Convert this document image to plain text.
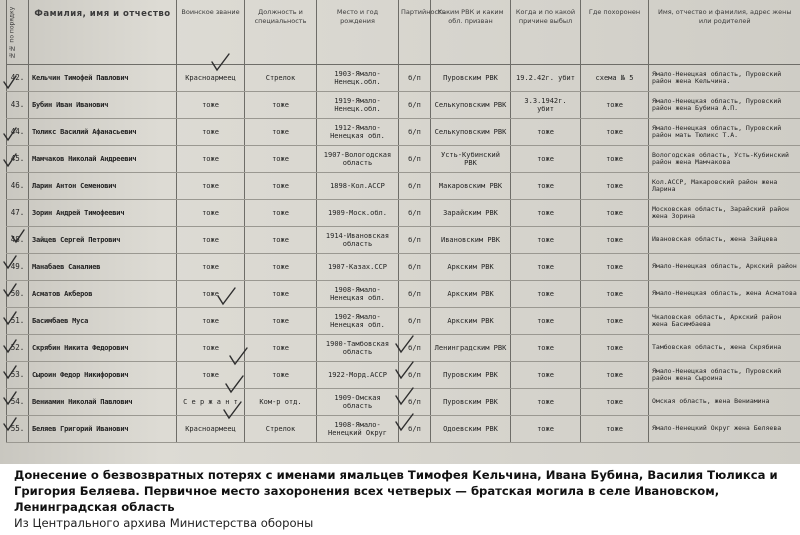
№№ по порядку	Фамилия, имя и отчество	Воинское звание	Должность и специальность	Место и год рождения	Партийность	Каким РВК и каким обл. призван	Когда и по какой причине выбыл	Где похоронен	Имя, отчество и фамилия, адрес жены или родителей
42.	Кельчин Тимофей Павлович	Красноармеец	Стрелок	1903-Ямало-Ненецк.обл.	б/п	Пуровским РВК	19.2.42г. убит	схема № 5	Ямало-Ненецкая область, Пуровский район жена Кельчина.
43.	Бубин Иван Иванович	тоже	тоже	1919-Ямало-Ненецк.обл.	б/п	Селькуповским РВК	3.3.1942г. убит	тоже	Ямало-Ненецкая область, Пуровский район жена Бубина А.П.
44.	Тюликс Василий Афанасьевич	тоже	тоже	1912-Ямало-Ненецкая обл.	б/п	Селькуповским РВК	тоже	тоже	Ямало-Ненецкая область, Пуровский район мать Тюликс Т.А.
45.	Мамчаков Николай Андреевич	тоже	тоже	1907-Вологодская область	б/п	Усть-Кубинский РВК	тоже	тоже	Вологодская область, Усть-Кубинский район жена Мамчакова
46.	Ларин Антон Семенович	тоже	тоже	1898-Кол.АССР	б/п	Макаровским РВК	тоже	тоже	Кол.АССР, Макаровский район жена Ларина
47.	Зорин Андрей Тимофеевич	тоже	тоже	1909-Моск.обл.	б/п	Зарайским РВК	тоже	тоже	Московская область, Зарайский район жена Зорина
48.	Зайцев Сергей Петрович	тоже	тоже	1914-Ивановская область	б/п	Ивановским РВК	тоже	тоже	Ивановская область, жена Зайцева
49.	Манабаев Саналиев	тоже	тоже	1907-Казах.ССР	б/п	Аркским РВК	тоже	тоже	Ямало-Ненецкая область, Аркский район
50.	Асматов Акберов	тоже	тоже	1908-Ямало-Ненецкая обл.	б/п	Аркским РВК	тоже	тоже	Ямало-Ненецкая область, жена Асматова
51.	Басимбаев Муса	тоже	тоже	1902-Ямало-Ненецкая обл.	б/п	Аркским РВК	тоже	тоже	Чкаловская область, Аркский район жена Басимбаева
52.	Скрябин Никита Федорович	тоже	тоже	1900-Тамбовская область	б/п	Ленинградским РВК	тоже	тоже	Тамбовская область, жена Скрябина
53.	Сыроин Федор Никифорович	тоже	тоже	1922-Морд.АССР	б/п	Пуровским РВК	тоже	тоже	Ямало-Ненецкая область, Пуровский район жена Сыроина
54.	Вениамин Николай Павлович	С е р ж а н т	Ком-р отд.	1909-Омская область	б/п	Пуровским РВК	тоже	тоже	Омская область, жена Вениамина
55.	Беляев Григорий Иванович	Красноармеец	Стрелок	1908-Ямало-Ненецкий Округ	б/п	Одоевским РВК	тоже	тоже	Ямало-Ненецкий Округ жена Беляева

Донесение о безвозвратных потерях с именами ямальцев Тимофея Кельчина, Ивана Бубина, Василия Тюликса и Григория Беляева. Первичное место захоронения всех четверых — братская могила в селе Ивановском, Ленинградская область

Из Центрального архива Министерства обороны
